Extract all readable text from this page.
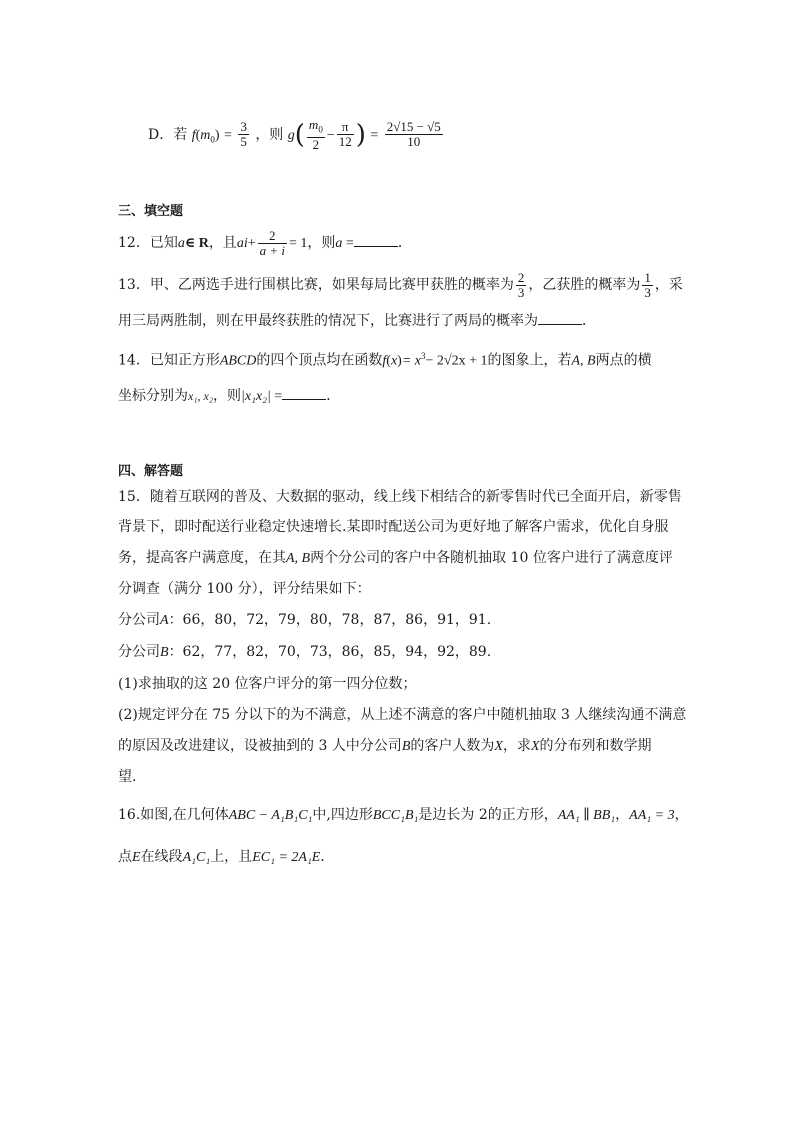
D．若 $f(m_0) = \frac{3}{5}$ ，则 $g( \frac{m_0}{2} - \frac{\pi}{12}$ ) = $\frac{2√15 - √5}{10}$
三、填空题
12．已知a∈ R，且$ai+ \frac{2}{a + i} = 1$，则a =	．
13．甲、乙两选手进行围棋比赛，如果每局比赛甲获胜的概率为 $\frac{2}{3}$ ，乙获胜的概率为 $\frac{1}{3}$ ，采
用三局两胜制，则在甲最终获胜的情况下，比赛进行了两局的概率为	．
14．已知正方形ABCD的四个顶点均在函数$f(x)= x^3- 2√2x + 1$的图象上，若A, B两点的横
坐标分别为x₁, x₂，则|x₁x₂| =	．
四、解答题
15．随着互联网的普及、大数据的驱动，线上线下相结合的新零售时代已全面开启，新零售
背景下，即时配送行业稳定快速增长.某即时配送公司为更好地了解客户需求，优化自身服
务，提高客户满意度，在其A, B两个分公司的客户中各随机抽取 10 位客户进行了满意度评
分调查（满分 100 分），评分结果如下：
分公司A：66，80，72，79，80，78，87，86，91，91.
分公司B：62，77，82，70，73，86，85，94，92，89.
(1)求抽取的这 20 位客户评分的第一四分位数；
(2)规定评分在 75 分以下的为不满意，从上述不满意的客户中随机抽取 3 人继续沟通不满意
的原因及改进建议，设被抽到的 3 人中分公司B的客户人数为X，求X的分布列和数学期
望.
16.如图,在几何体ABC − A₁B₁C₁中,四边形BCC₁B₁是边长为 2的正方形，AA₁ ∥ BB₁，AA₁ = 3，
点E在线段A₁C₁上，且EC₁ = 2A₁E．
